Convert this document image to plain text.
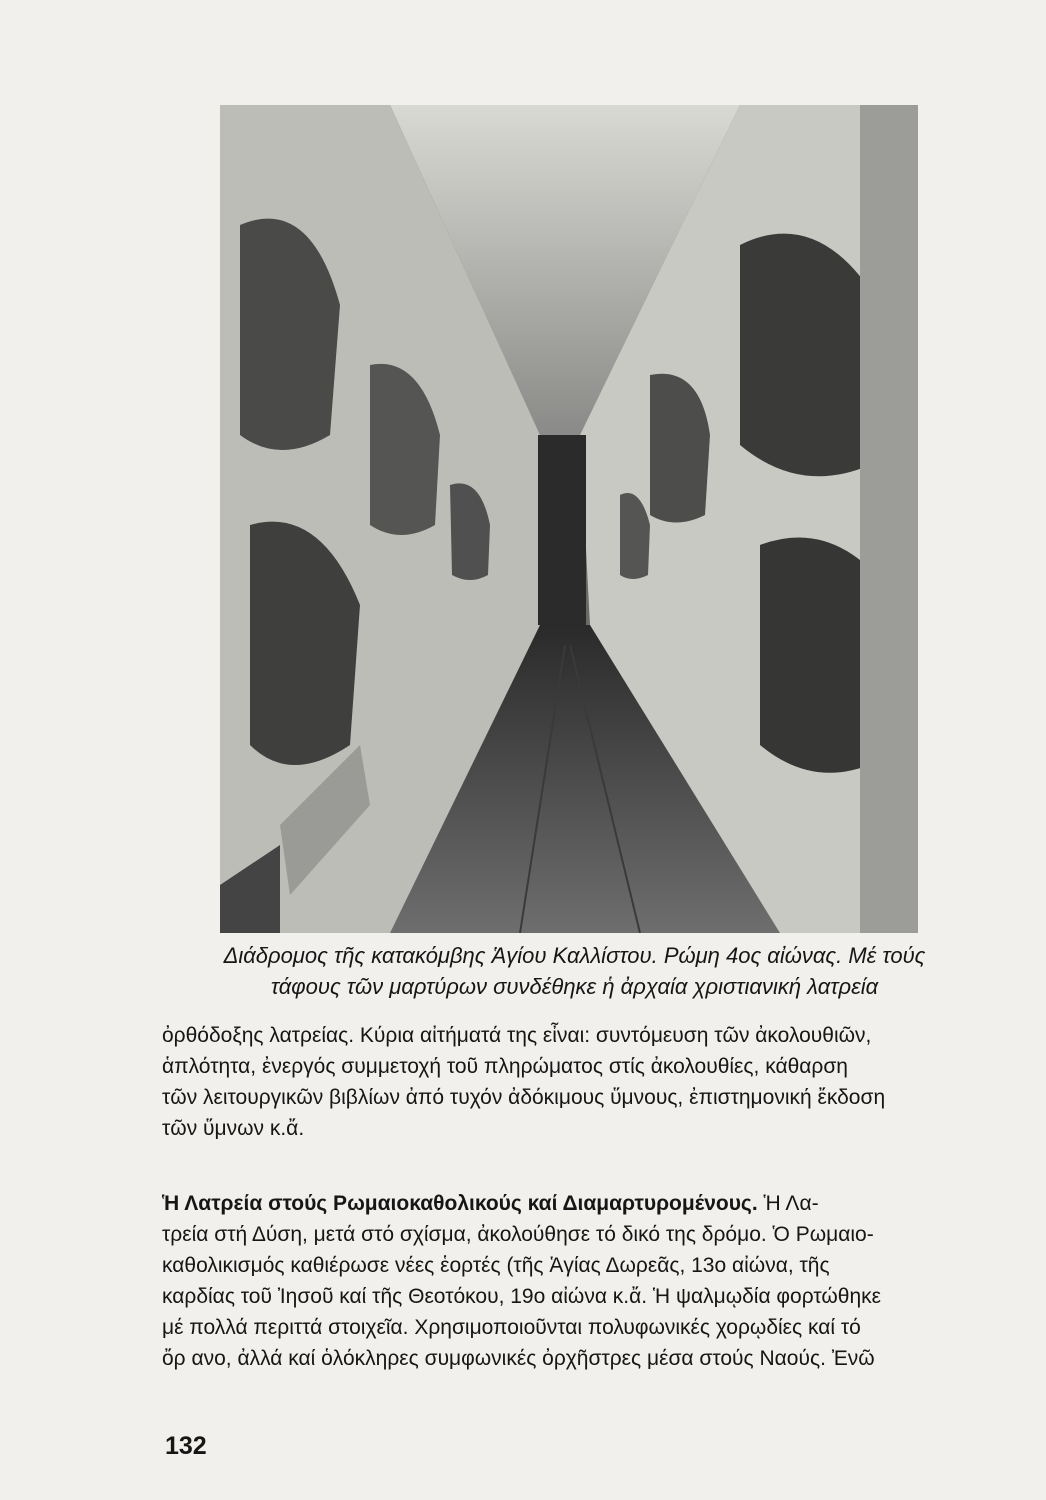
Διάδρομος τῆς κατακόμβης Ἁγίου Καλλίστου. Ρώμη 4ος αἰώνας. Μέ τούς
τάφους τῶν μαρτύρων συνδέθηκε ἡ ἀρχαία χριστιανική λατρεία
ὀρθόδοξης λατρείας. Κύρια αἰτήματά της εἶναι: συντόμευση τῶν ἀκολουθιῶν,
ἁπλότητα, ἐνεργός συμμετοχή τοῦ πληρώματος στίς ἀκολουθίες, κάθαρση
τῶν λειτουργικῶν βιβλίων ἀπό τυχόν ἀδόκιμους ὕμνους, ἐπιστημονική ἔκδοση
τῶν ὕμνων κ.ἄ.
Ἡ Λατρεία στούς Ρωμαιοκαθολικούς καί Διαμαρτυρομένους. Ἡ Λα-
τρεία στή Δύση, μετά στό σχίσμα, ἀκολούθησε τό δικό της δρόμο. Ὁ Ρωμαιο-
καθολικισμός καθιέρωσε νέες ἑορτές (τῆς Ἁγίας Δωρεᾶς, 13ο αἰώνα, τῆς
καρδίας τοῦ Ἰησοῦ καί τῆς Θεοτόκου, 19ο αἰώνα κ.ἄ. Ἡ ψαλμῳδία φορτώθηκε
μέ πολλά περιττά στοιχεῖα. Χρησιμοποιοῦνται πολυφωνικές χορῳδίες καί τό
ὄρ ανο, ἀλλά καί ὁλόκληρες συμφωνικές ὀρχῆστρες μέσα στούς Ναούς. Ἐνῶ
132
